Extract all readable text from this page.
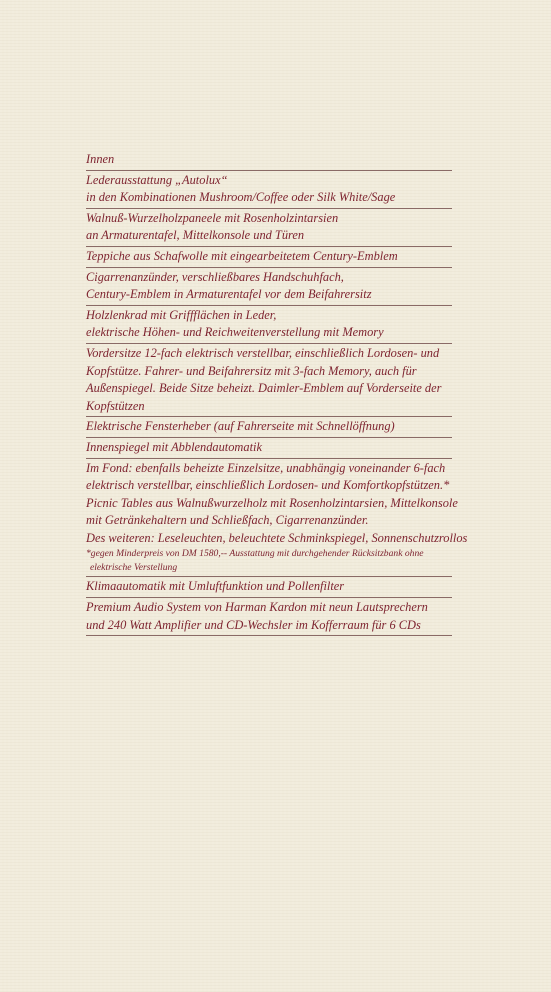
Innen
Lederausstattung „Autolux“
in den Kombinationen Mushroom/Coffee oder Silk White/Sage
Walnuß-Wurzelholzpaneele mit Rosenholzintarsien
an Armaturentafel, Mittelkonsole und Türen
Teppiche aus Schafwolle mit eingearbeitetem Century-Emblem
Cigarrenanzünder, verschließbares Handschuhfach,
Century-Emblem in Armaturentafel vor dem Beifahrersitz
Holzlenkrad mit Griffflächen in Leder,
elektrische Höhen- und Reichweitenverstellung mit Memory
Vordersitze 12-fach elektrisch verstellbar, einschließlich Lordosen- und
Kopfstütze. Fahrer- und Beifahrersitz mit 3-fach Memory, auch für
Außenspiegel. Beide Sitze beheizt. Daimler-Emblem auf Vorderseite der
Kopfstützen
Elektrische Fensterheber (auf Fahrerseite mit Schnellöffnung)
Innenspiegel mit Abblendautomatik
Im Fond: ebenfalls beheizte Einzelsitze, unabhängig voneinander 6-fach
elektrisch verstellbar, einschließlich Lordosen- und Komfortkopfstützen.*
Picnic Tables aus Walnußwurzelholz mit Rosenholzintarsien, Mittelkonsole
mit Getränkehaltern und Schließfach, Cigarrenanzünder.
Des weiteren: Leseleuchten, beleuchtete Schminkspiegel, Sonnenschutzrollos
*gegen Minderpreis von DM 1580,-- Ausstattung mit durchgehender Rücksitzbank ohne
elektrische Verstellung
Klimaautomatik mit Umluftfunktion und Pollenfilter
Premium Audio System von Harman Kardon mit neun Lautsprechern
und 240 Watt Amplifier und CD-Wechsler im Kofferraum für 6 CDs
